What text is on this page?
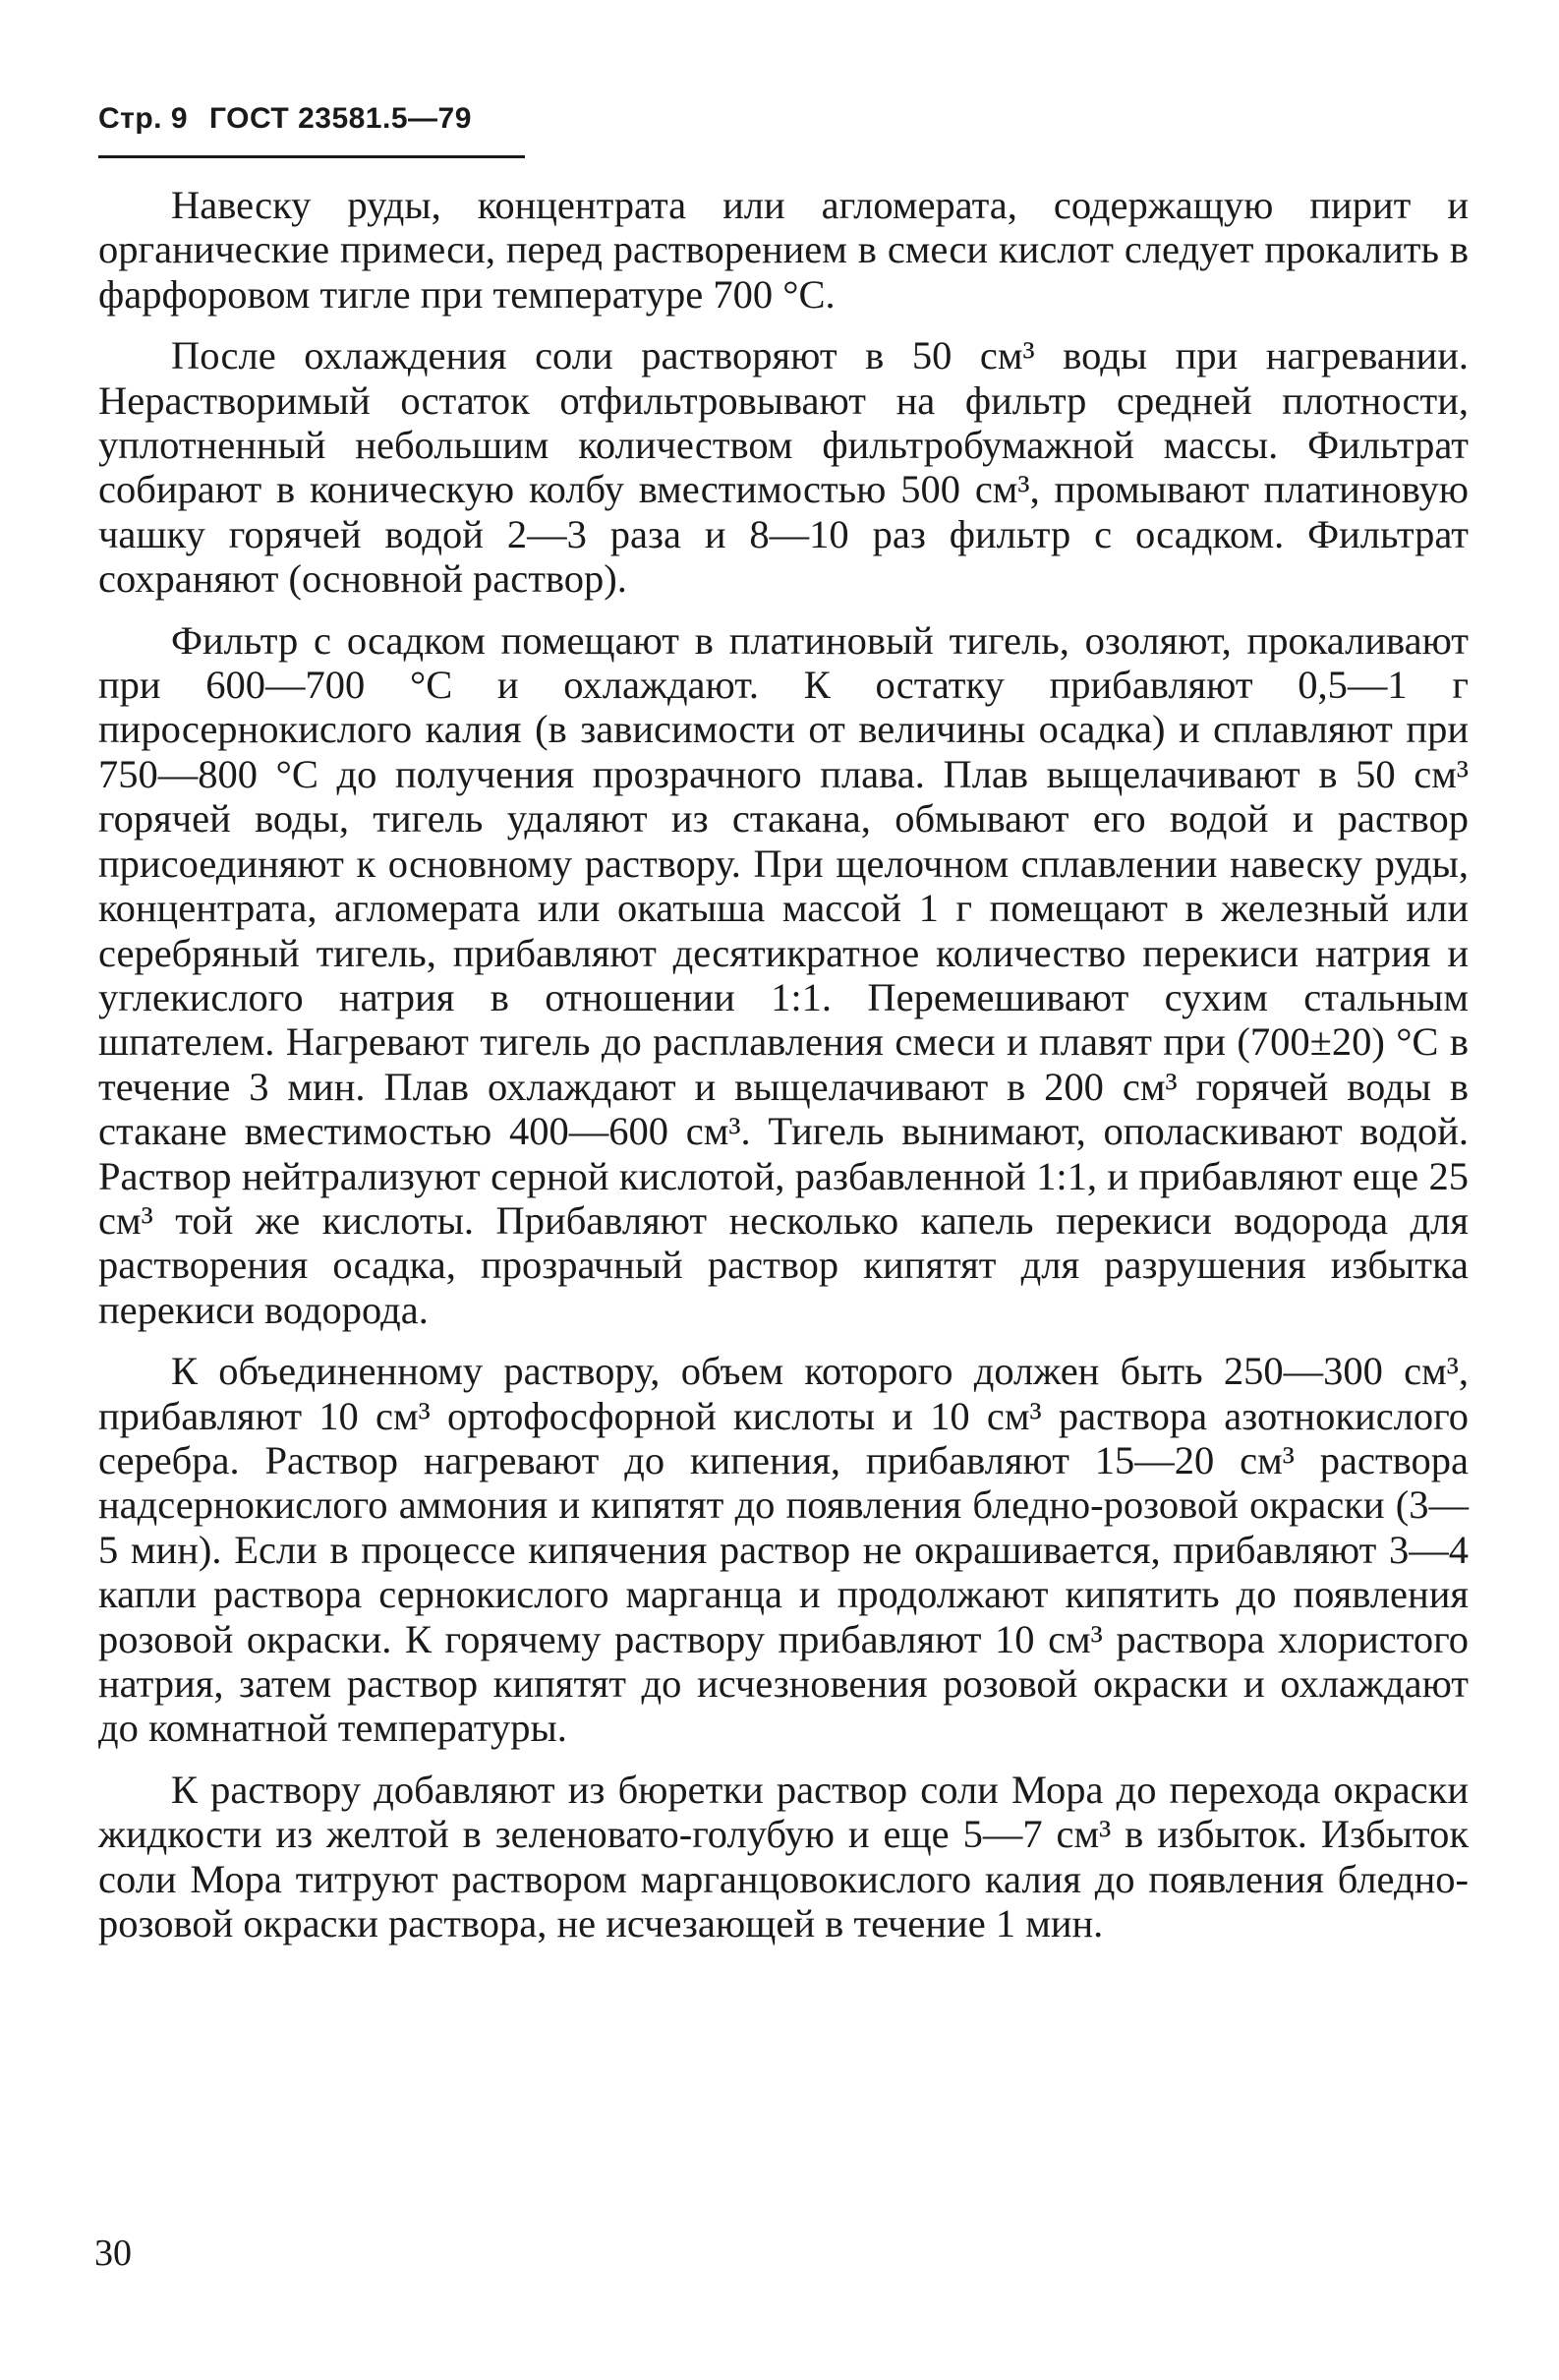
Стр. 9 ГОСТ 23581.5—79

Навеску руды, концентрата или агломерата, содержащую пирит и органические примеси, перед растворением в смеси кислот следует прокалить в фарфоровом тигле при температуре 700 °С.

После охлаждения соли растворяют в 50 см³ воды при нагревании. Нерастворимый остаток отфильтровывают на фильтр средней плотности, уплотненный небольшим количеством фильтробумажной массы. Фильтрат собирают в коническую колбу вместимостью 500 см³, промывают платиновую чашку горячей водой 2—3 раза и 8—10 раз фильтр с осадком. Фильтрат сохраняют (основной раствор).

Фильтр с осадком помещают в платиновый тигель, озоляют, прокаливают при 600—700 °С и охлаждают. К остатку прибавляют 0,5—1 г пиросернокислого калия (в зависимости от величины осадка) и сплавляют при 750—800 °С до получения прозрачного плава. Плав выщелачивают в 50 см³ горячей воды, тигель удаляют из стакана, обмывают его водой и раствор присоединяют к основному раствору. При щелочном сплавлении навеску руды, концентрата, агломерата или окатыша массой 1 г помещают в железный или серебряный тигель, прибавляют десятикратное количество перекиси натрия и углекислого натрия в отношении 1:1. Перемешивают сухим стальным шпателем. Нагревают тигель до расплавления смеси и плавят при (700±20) °С в течение 3 мин. Плав охлаждают и выщелачивают в 200 см³ горячей воды в стакане вместимостью 400—600 см³. Тигель вынимают, ополаскивают водой. Раствор нейтрализуют серной кислотой, разбавленной 1:1, и прибавляют еще 25 см³ той же кислоты. Прибавляют несколько капель перекиси водорода для растворения осадка, прозрачный раствор кипятят для разрушения избытка перекиси водорода.

К объединенному раствору, объем которого должен быть 250—300 см³, прибавляют 10 см³ ортофосфорной кислоты и 10 см³ раствора азотнокислого серебра. Раствор нагревают до кипения, прибавляют 15—20 см³ раствора надсернокислого аммония и кипятят до появления бледно-розовой окраски (3—5 мин). Если в процессе кипячения раствор не окрашивается, прибавляют 3—4 капли раствора сернокислого марганца и продолжают кипятить до появления розовой окраски. К горячему раствору прибавляют 10 см³ раствора хлористого натрия, затем раствор кипятят до исчезновения розовой окраски и охлаждают до комнатной температуры.

К раствору добавляют из бюретки раствор соли Мора до перехода окраски жидкости из желтой в зеленовато-голубую и еще 5—7 см³ в избыток. Избыток соли Мора титруют раствором марганцовокислого калия до появления бледно-розовой окраски раствора, не исчезающей в течение 1 мин.

30
